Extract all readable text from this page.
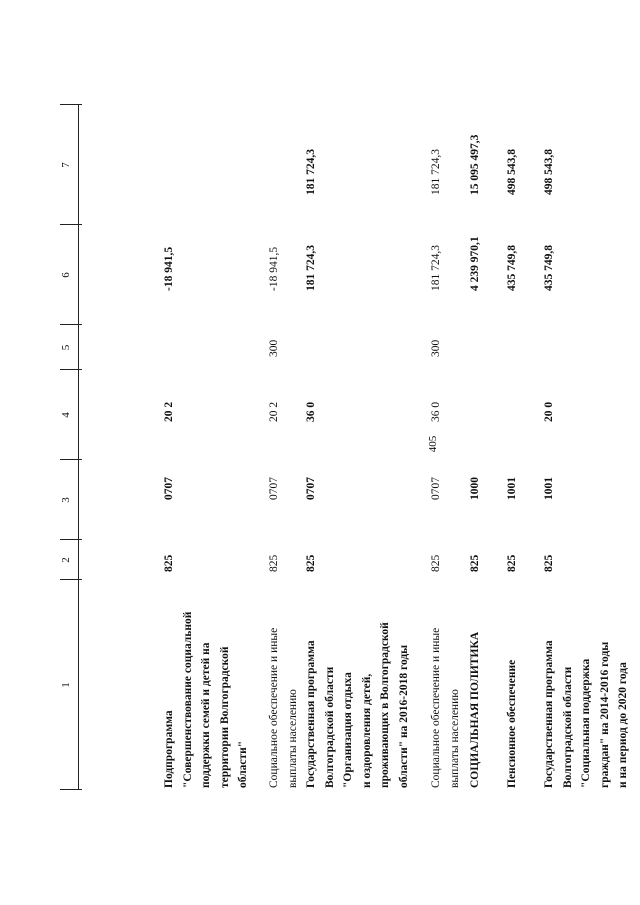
405
1
2
3
4
5
6
7
Подпрограмма "Совершенствование социальной поддержки семей и детей на территории Волгоградской области"
825
0707
20 2
-18 941,5
Социальное обеспечение и иные выплаты населению
825
0707
20 2
300
-18 941,5
Государственная программа Волгоградской области "Организация отдыха и оздоровления детей, проживающих в Волгоградской области" на 2016-2018 годы
825
0707
36 0
181 724,3
181 724,3
Социальное обеспечение и иные выплаты населению
825
0707
36 0
300
181 724,3
181 724,3
СОЦИАЛЬНАЯ ПОЛИТИКА
825
1000
4 239 970,1
15 095 497,3
Пенсионное обеспечение
825
1001
435 749,8
498 543,8
Государственная программа Волгоградской области "Социальная поддержка граждан" на 2014-2016 годы и на период до 2020 года
825
1001
20 0
435 749,8
498 543,8
